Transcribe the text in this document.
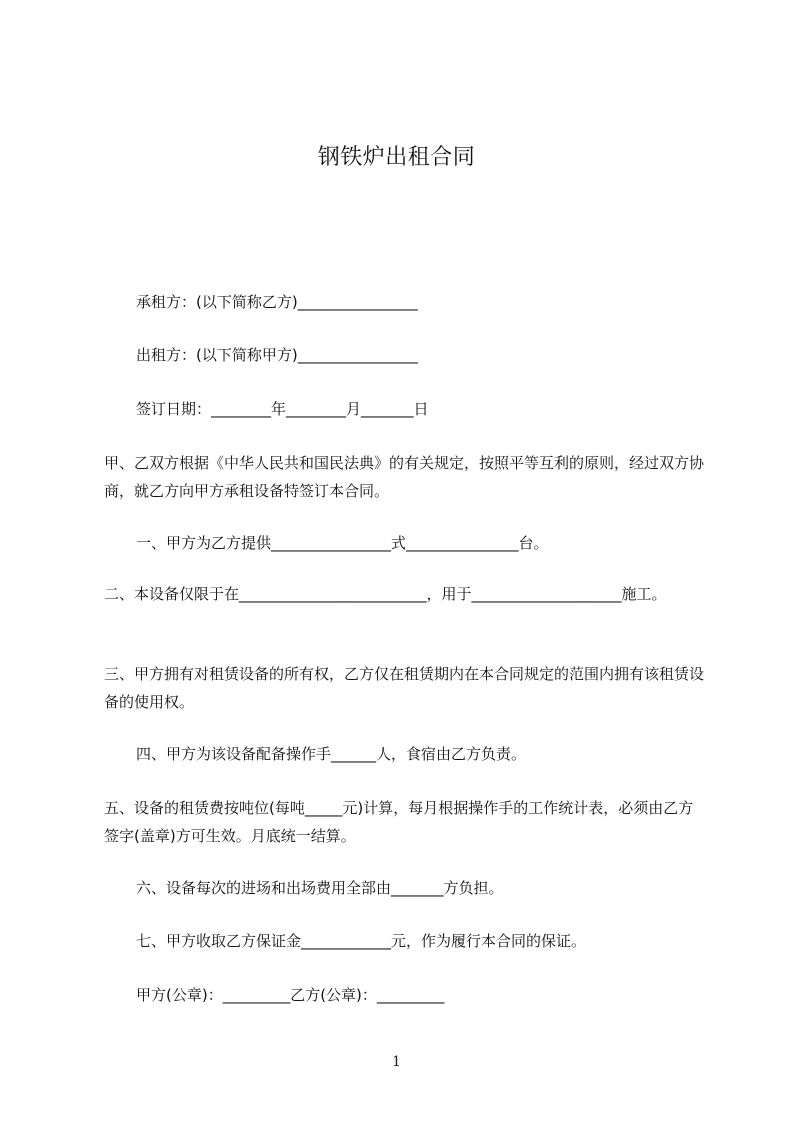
钢铁炉出租合同
承租方：(以下简称乙方)________________
出租方：(以下简称甲方)________________
签订日期：________年________月_______日
甲、乙双方根据《中华人民共和国民法典》的有关规定，按照平等互利的原则，经过双方协商，就乙方向甲方承租设备特签订本合同。
一、甲方为乙方提供________________式_______________台。
二、本设备仅限于在_________________________，用于____________________施工。
三、甲方拥有对租赁设备的所有权，乙方仅在租赁期内在本合同规定的范围内拥有该租赁设备的使用权。
四、甲方为该设备配备操作手______人，食宿由乙方负责。
五、设备的租赁费按吨位(每吨_____元)计算，每月根据操作手的工作统计表，必须由乙方签字(盖章)方可生效。月底统一结算。
六、设备每次的进场和出场费用全部由_______方负担。
七、甲方收取乙方保证金____________元，作为履行本合同的保证。
甲方(公章)：_________乙方(公章)：_________
1
